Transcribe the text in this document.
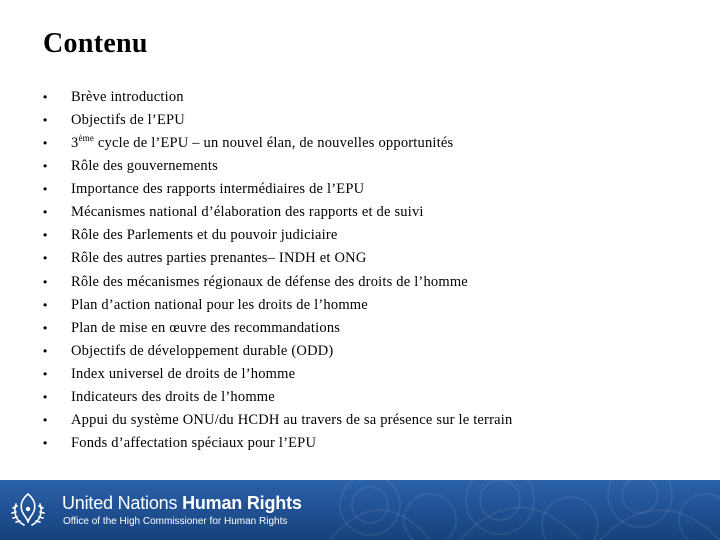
Contenu
• Brève introduction
• Objectifs de l’EPU
• 3ème cycle de l’EPU – un nouvel élan, de nouvelles opportunités
• Rôle des gouvernements
• Importance des rapports intermédiaires de l’EPU
• Mécanismes national d’élaboration des rapports et de suivi
• Rôle des Parlements et du pouvoir judiciaire
• Rôle des autres parties prenantes– INDH et ONG
• Rôle des mécanismes régionaux de défense des droits de l’homme
• Plan d’action national pour les droits de l’homme
• Plan de mise en œuvre des recommandations
• Objectifs de développement durable (ODD)
• Index universel de droits de l’homme
• Indicateurs des droits de l’homme
• Appui du système ONU/du HCDH au travers de sa présence sur le terrain
• Fonds d’affectation spéciaux pour l’EPU
United Nations Human Rights
Office of the High Commissioner for Human Rights
